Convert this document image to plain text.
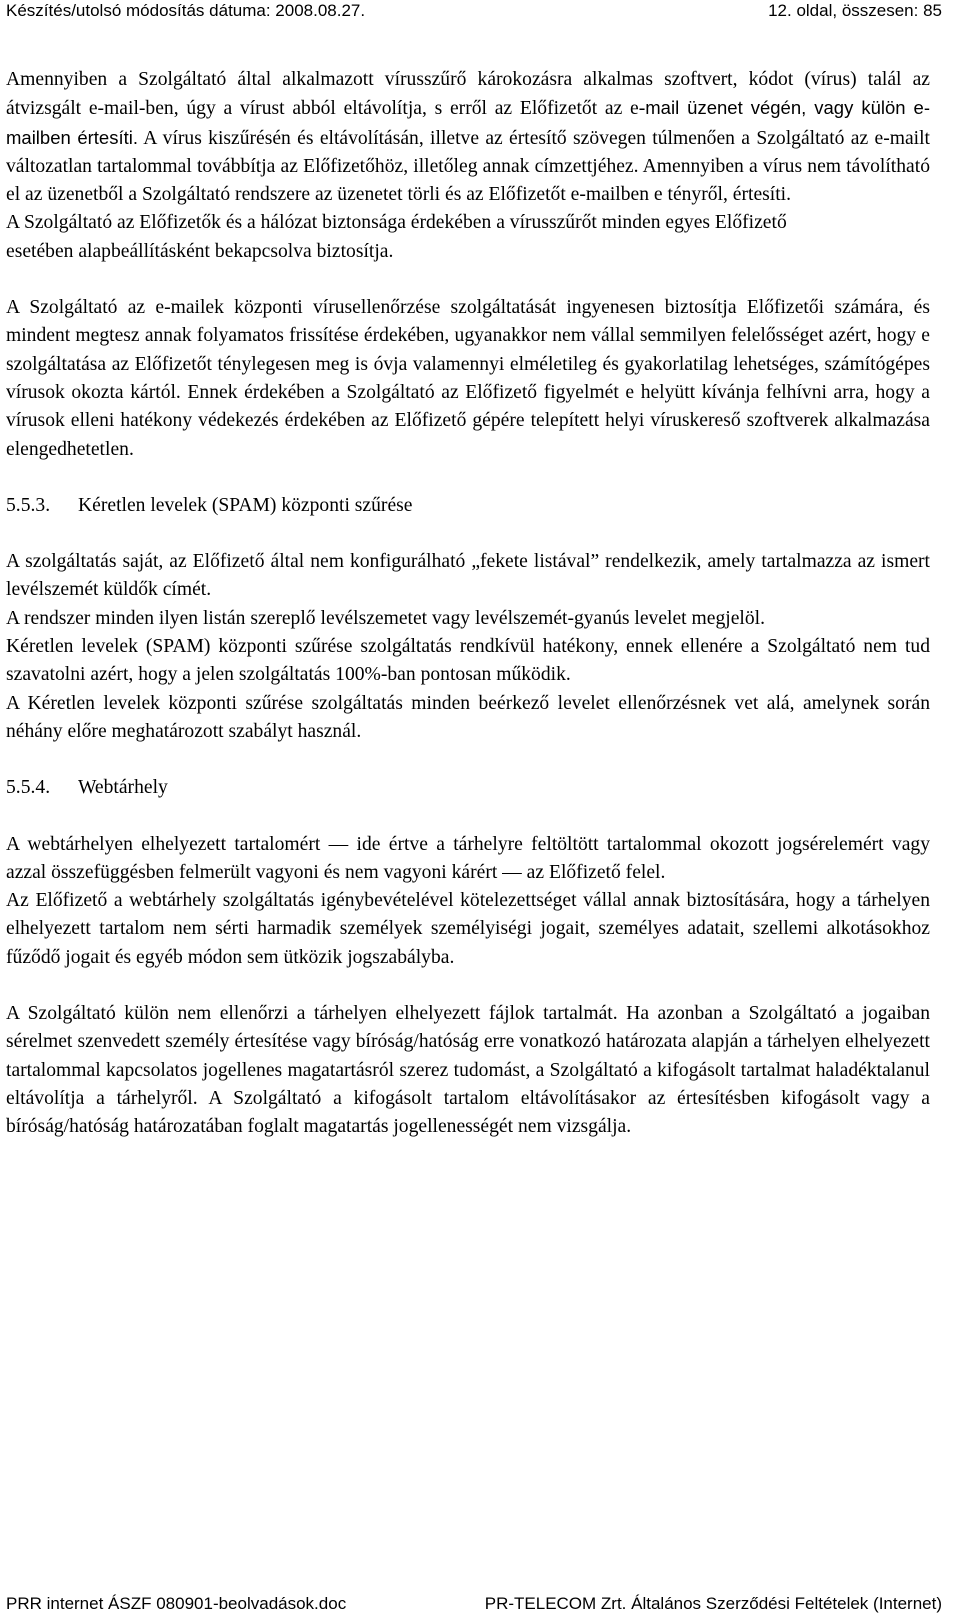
Készítés/utolsó módosítás dátuma: 2008.08.27.	12. oldal, összesen: 85

Amennyiben a Szolgáltató által alkalmazott vírusszűrő károkozásra alkalmas szoftvert, kódot (vírus) talál az átvizsgált e-mail-ben, úgy a vírust abból eltávolítja, s erről az Előfizetőt az e-mail üzenet végén, vagy külön e-mailben értesíti. A vírus kiszűrésén és eltávolításán, illetve az értesítő szövegen túlmenően a Szolgáltató az e-mailt változatlan tartalommal továbbítja az Előfizetőhöz, illetőleg annak címzettjéhez. Amennyiben a vírus nem távolítható el az üzenetből a Szolgáltató rendszere az üzenetet törli és az Előfizetőt e-mailben e tényről, értesíti.

A Szolgáltató az Előfizetők és a hálózat biztonsága érdekében a vírusszűrőt minden egyes Előfizető

esetében alapbeállításként bekapcsolva biztosítja.

A Szolgáltató az e-mailek központi vírusellenőrzése szolgáltatását ingyenesen biztosítja Előfizetői számára, és mindent megtesz annak folyamatos frissítése érdekében, ugyanakkor nem vállal semmilyen felelősséget azért, hogy e szolgáltatása az Előfizetőt ténylegesen meg is óvja valamennyi elméletileg és gyakorlatilag lehetséges, számítógépes vírusok okozta kártól. Ennek érdekében a Szolgáltató az Előfizető figyelmét e helyütt kívánja felhívni arra, hogy a vírusok elleni hatékony védekezés érdekében az Előfizető gépére telepített helyi víruskereső szoftverek alkalmazása elengedhetetlen.

5.5.3. Kéretlen levelek (SPAM) központi szűrése

A szolgáltatás saját, az Előfizető által nem konfigurálható „fekete listával” rendelkezik, amely tartalmazza az ismert levélszemét küldők címét.

A rendszer minden ilyen listán szereplő levélszemetet vagy levélszemét-gyanús levelet megjelöl.

Kéretlen levelek (SPAM) központi szűrése szolgáltatás rendkívül hatékony, ennek ellenére a Szolgáltató nem tud szavatolni azért, hogy a jelen szolgáltatás 100%-ban pontosan működik.

A Kéretlen levelek központi szűrése szolgáltatás minden beérkező levelet ellenőrzésnek vet alá, amelynek során néhány előre meghatározott szabályt használ.

5.5.4. Webtárhely

A webtárhelyen elhelyezett tartalomért — ide értve a tárhelyre feltöltött tartalommal okozott jogsérelemért vagy azzal összefüggésben felmerült vagyoni és nem vagyoni kárért — az Előfizető felel.

Az Előfizető a webtárhely szolgáltatás igénybevételével kötelezettséget vállal annak biztosítására, hogy a tárhelyen elhelyezett tartalom nem sérti harmadik személyek személyiségi jogait, személyes adatait, szellemi alkotásokhoz fűződő jogait és egyéb módon sem ütközik jogszabályba.

A Szolgáltató külön nem ellenőrzi a tárhelyen elhelyezett fájlok tartalmát. Ha azonban a Szolgáltató a jogaiban sérelmet szenvedett személy értesítése vagy bíróság/hatóság erre vonatkozó határozata alapján a tárhelyen elhelyezett tartalommal kapcsolatos jogellenes magatartásról szerez tudomást, a Szolgáltató a kifogásolt tartalmat haladéktalanul eltávolítja a tárhelyről. A Szolgáltató a kifogásolt tartalom eltávolításakor az értesítésben kifogásolt vagy a bíróság/hatóság határozatában foglalt magatartás jogellenességét nem vizsgálja.

PRR internet ÁSZF 080901-beolvadások.doc	PR-TELECOM Zrt. Általános Szerződési Feltételek (Internet)
